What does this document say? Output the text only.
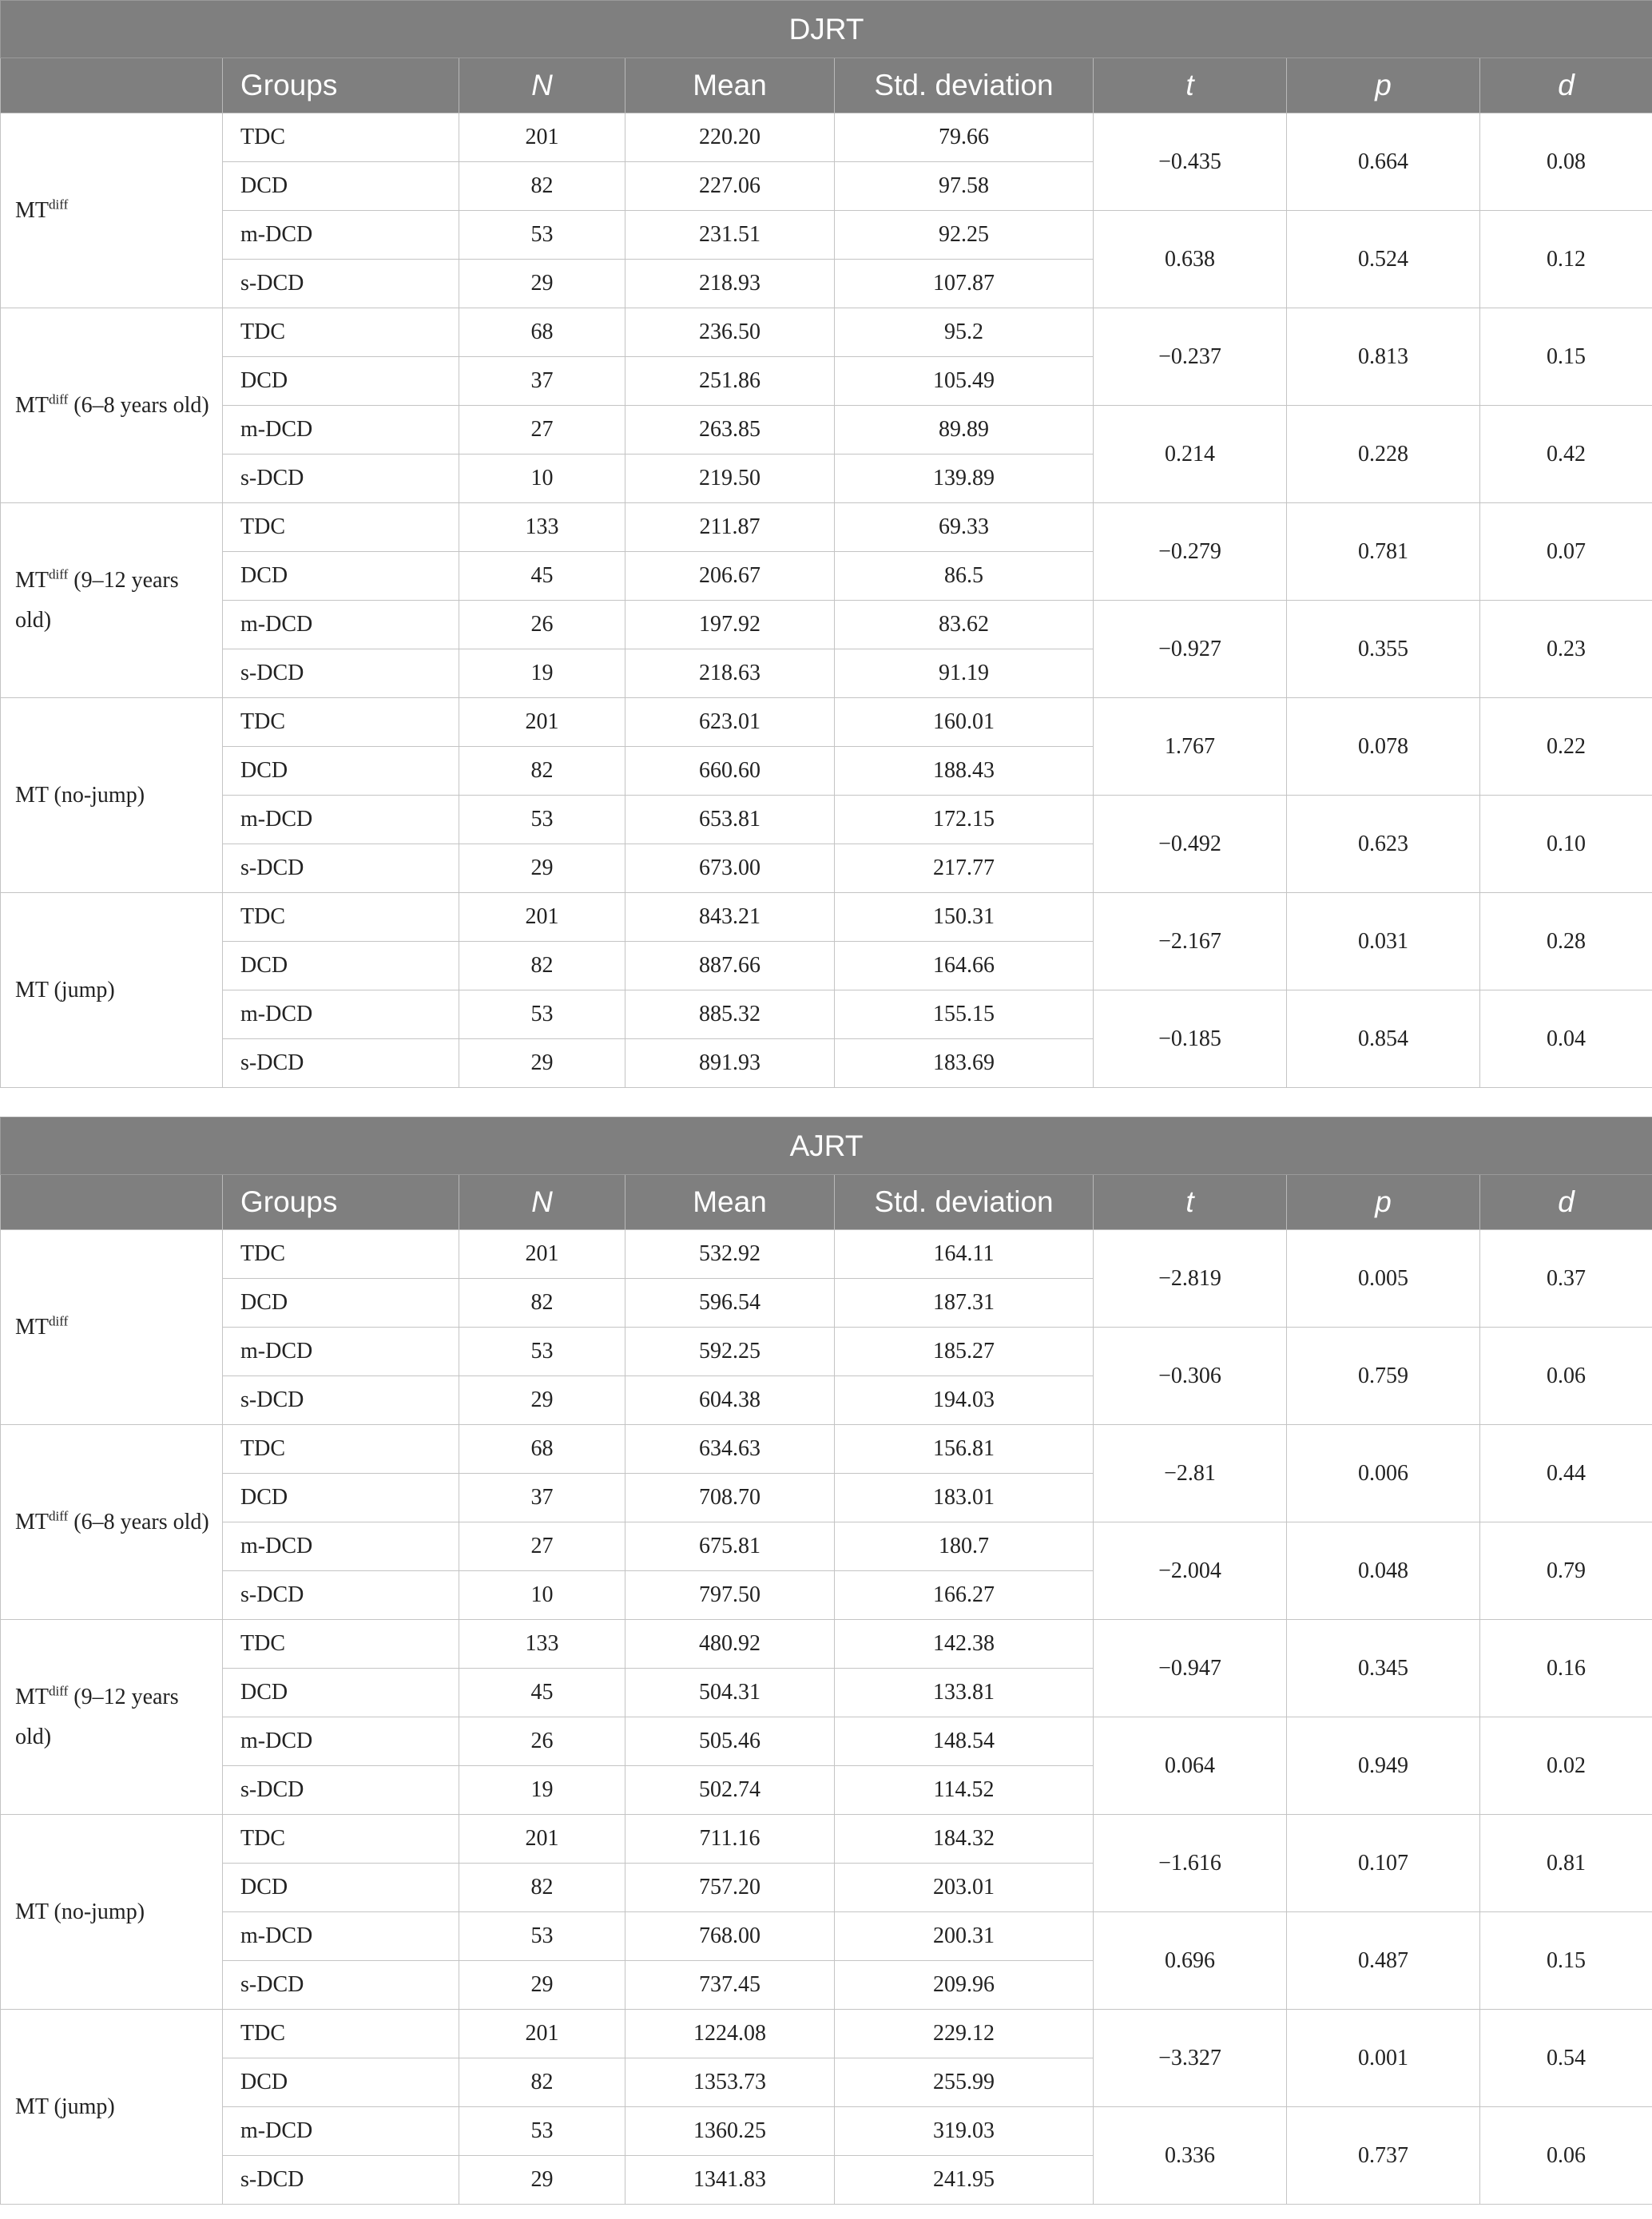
DJRT							
	Groups	N	Mean	Std. deviation	t	p	d
$MT^{diff}$	TDC	201	220.20	79.66	−0.435	0.664	0.08
	DCD	82	227.06	97.58			
	m-DCD	53	231.51	92.25	0.638	0.524	0.12
	s-DCD	29	218.93	107.87			
$MT^{diff}$ (6–8 years old)	TDC	68	236.50	95.2	−0.237	0.813	0.15
	DCD	37	251.86	105.49			
	m-DCD	27	263.85	89.89	0.214	0.228	0.42
	s-DCD	10	219.50	139.89			
$MT^{diff}$ (9–12 years old)	TDC	133	211.87	69.33	−0.279	0.781	0.07
	DCD	45	206.67	86.5			
	m-DCD	26	197.92	83.62	−0.927	0.355	0.23
	s-DCD	19	218.63	91.19			
MT (no-jump)	TDC	201	623.01	160.01	1.767	0.078	0.22
	DCD	82	660.60	188.43			
	m-DCD	53	653.81	172.15	−0.492	0.623	0.10
	s-DCD	29	673.00	217.77			
MT (jump)	TDC	201	843.21	150.31	−2.167	0.031	0.28
	DCD	82	887.66	164.66			
	m-DCD	53	885.32	155.15	−0.185	0.854	0.04
	s-DCD	29	891.93	183.69			
AJRT							
	Groups	N	Mean	Std. deviation	t	p	d
$MT^{diff}$	TDC	201	532.92	164.11	−2.819	0.005	0.37
	DCD	82	596.54	187.31			
	m-DCD	53	592.25	185.27	−0.306	0.759	0.06
	s-DCD	29	604.38	194.03			
$MT^{diff}$ (6–8 years old)	TDC	68	634.63	156.81	−2.81	0.006	0.44
	DCD	37	708.70	183.01			
	m-DCD	27	675.81	180.7	−2.004	0.048	0.79
	s-DCD	10	797.50	166.27			
$MT^{diff}$ (9–12 years old)	TDC	133	480.92	142.38	−0.947	0.345	0.16
	DCD	45	504.31	133.81			
	m-DCD	26	505.46	148.54	0.064	0.949	0.02
	s-DCD	19	502.74	114.52			
MT (no-jump)	TDC	201	711.16	184.32	−1.616	0.107	0.81
	DCD	82	757.20	203.01			
	m-DCD	53	768.00	200.31	0.696	0.487	0.15
	s-DCD	29	737.45	209.96			
MT (jump)	TDC	201	1224.08	229.12	−3.327	0.001	0.54
	DCD	82	1353.73	255.99			
	m-DCD	53	1360.25	319.03	0.336	0.737	0.06
	s-DCD	29	1341.83	241.95			
